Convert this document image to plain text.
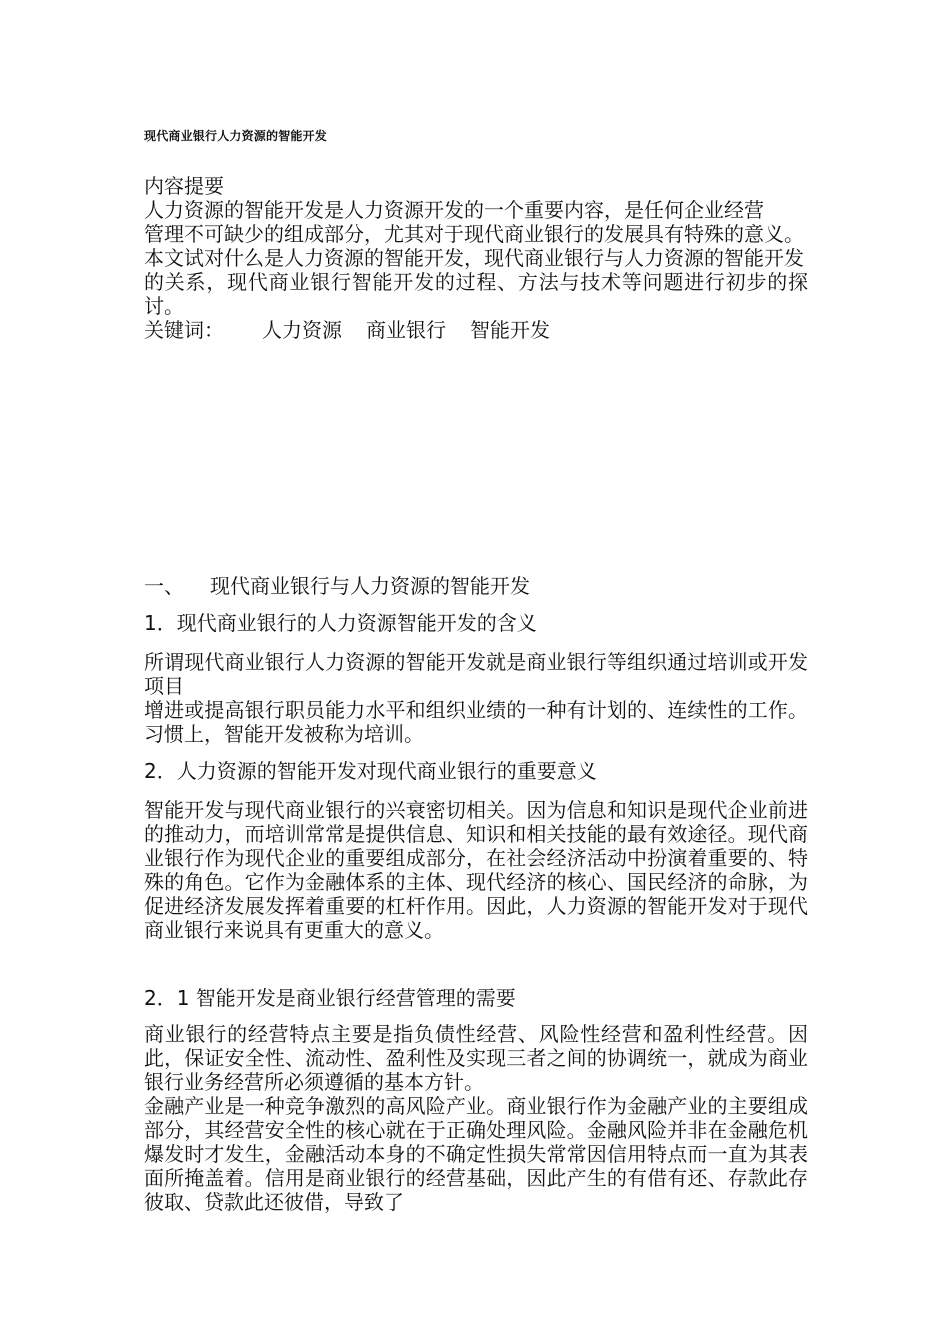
现代商业银行人力资源的智能开发

内容提要

人力资源的智能开发是人力资源开发的一个重要内容，是任何企业经营

管理不可缺少的组成部分，尤其对于现代商业银行的发展具有特殊的意义。

本文试对什么是人力资源的智能开发，现代商业银行与人力资源的智能开发

的关系，现代商业银行智能开发的过程、方法与技术等问题进行初步的探讨。

关键词： 人力资源 商业银行 智能开发

一、 现代商业银行与人力资源的智能开发
1．现代商业银行的人力资源智能开发的含义

所谓现代商业银行人力资源的智能开发就是商业银行等组织通过培训或开发项目

增进或提高银行职员能力水平和组织业绩的一种有计划的、连续性的工作。习惯上，智能开发被称为培训。

2．人力资源的智能开发对现代商业银行的重要意义

智能开发与现代商业银行的兴衰密切相关。因为信息和知识是现代企业前进的推动力，而培训常常是提供信息、知识和相关技能的最有效途径。现代商业银行作为现代企业的重要组成部分，在社会经济活动中扮演着重要的、特殊的角色。它作为金融体系的主体、现代经济的核心、国民经济的命脉，为促进经济发展发挥着重要的杠杆作用。因此，人力资源的智能开发对于现代商业银行来说具有更重大的意义。

2．1 智能开发是商业银行经营管理的需要

商业银行的经营特点主要是指负债性经营、风险性经营和盈利性经营。因此，保证安全性、流动性、盈利性及实现三者之间的协调统一，就成为商业银行业务经营所必须遵循的基本方针。

金融产业是一种竞争激烈的高风险产业。商业银行作为金融产业的主要组成部分，其经营安全性的核心就在于正确处理风险。金融风险并非在金融危机爆发时才发生，金融活动本身的不确定性损失常常因信用特点而一直为其表面所掩盖着。信用是商业银行的经营基础，因此产生的有借有还、存款此存彼取、贷款此还彼借，导致了
